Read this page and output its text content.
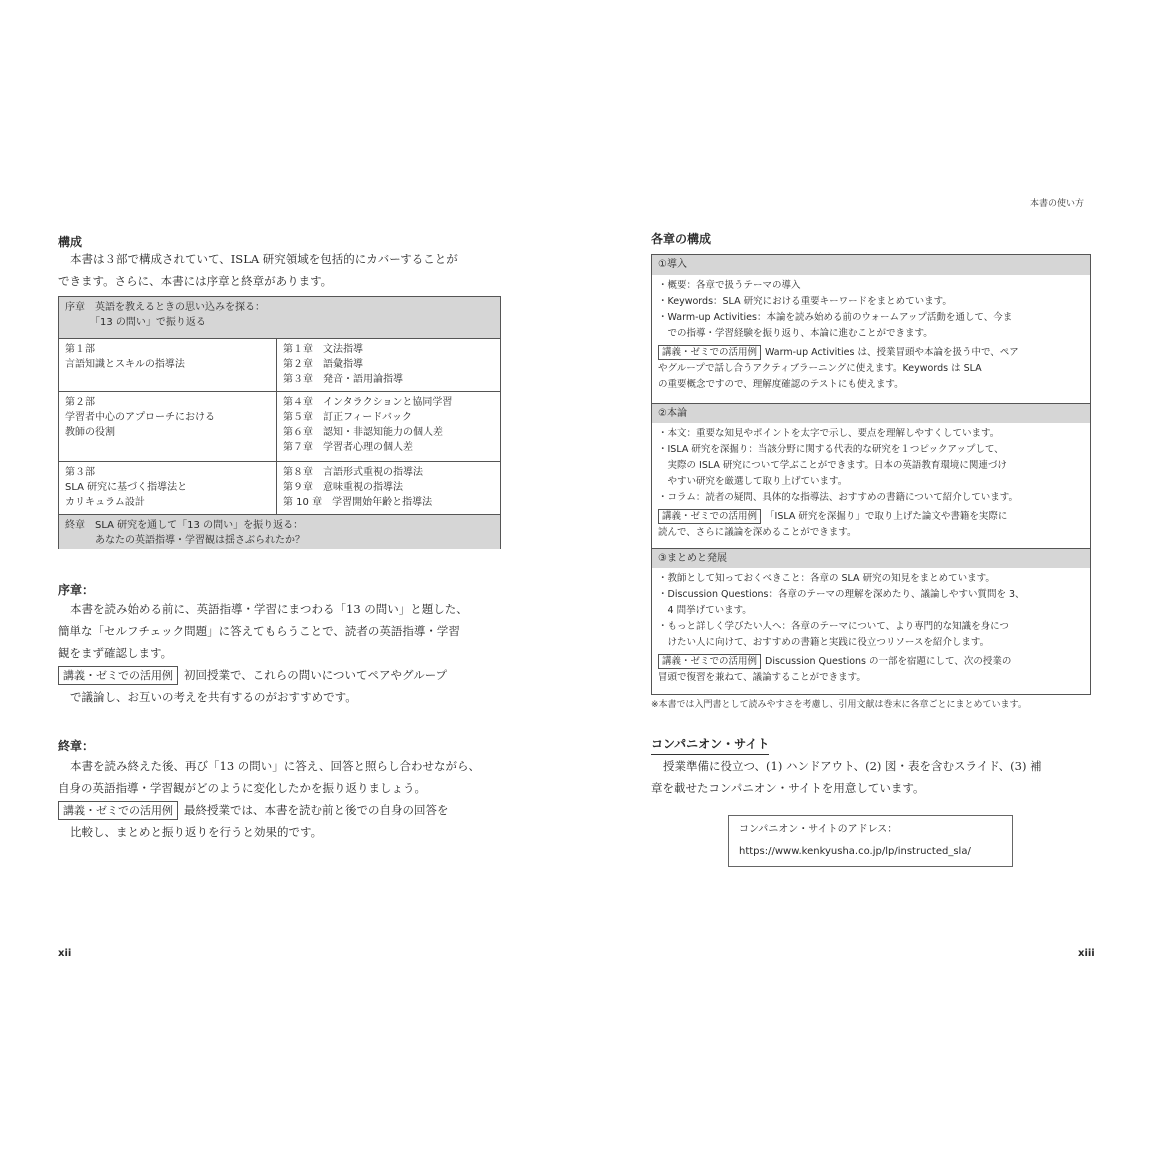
本書の使い方
xii	xiii
構成
本書は３部で構成されていて、ISLA 研究領域を包括的にカバーすることが
できます。さらに、本書には序章と終章があります。
序章　英語を教えるときの思い込みを探る：
　　　「13 の問い」で振り返る
第１部
言語知識とスキルの指導法
第１章　文法指導
第２章　語彙指導
第３章　発音・語用論指導
第２部
学習者中心のアプローチにおける
教師の役割
第４章　インタラクションと協同学習
第５章　訂正フィードバック
第６章　認知・非認知能力の個人差
第７章　学習者心理の個人差
第３部
SLA 研究に基づく指導法と
カリキュラム設計
第８章　言語形式重視の指導法
第９章　意味重視の指導法
第 10 章　学習開始年齢と指導法
終章　SLA 研究を通して「13 の問い」を振り返る：
　　　あなたの英語指導・学習観は揺さぶられたか？
序章：
本書を読み始める前に、英語指導・学習にまつわる「13 の問い」と題した、
簡単な「セルフチェック問題」に答えてもらうことで、読者の英語指導・学習
観をまず確認します。
講義・ゼミでの活用例 初回授業で、これらの問いについてペアやグループ
で議論し、お互いの考えを共有するのがおすすめです。
終章：
本書を読み終えた後、再び「13 の問い」に答え、回答と照らし合わせながら、
自身の英語指導・学習観がどのように変化したかを振り返りましょう。
講義・ゼミでの活用例 最終授業では、本書を読む前と後での自身の回答を
比較し、まとめと振り返りを行うと効果的です。
各章の構成
①導入
・概要：各章で扱うテーマの導入
・Keywords：SLA 研究における重要キーワードをまとめています。
・Warm-up Activities：本論を読み始める前のウォームアップ活動を通して、今ま
　での指導・学習経験を振り返り、本論に進むことができます。
講義・ゼミでの活用例 Warm-up Activities は、授業冒頭や本論を扱う中で、ペア
やグループで話し合うアクティブラーニングに使えます。Keywords は SLA
の重要概念ですので、理解度確認のテストにも使えます。
②本論
・本文：重要な知見やポイントを太字で示し、要点を理解しやすくしています。
・ISLA 研究を深掘り：当該分野に関する代表的な研究を１つピックアップして、
　実際の ISLA 研究について学ぶことができます。日本の英語教育環境に関連づけ
　やすい研究を厳選して取り上げています。
・コラム：読者の疑問、具体的な指導法、おすすめの書籍について紹介しています。
講義・ゼミでの活用例 「ISLA 研究を深掘り」で取り上げた論文や書籍を実際に
読んで、さらに議論を深めることができます。
③まとめと発展
・教師として知っておくべきこと：各章の SLA 研究の知見をまとめています。
・Discussion Questions：各章のテーマの理解を深めたり、議論しやすい質問を 3、
　4 問挙げています。
・もっと詳しく学びたい人へ：各章のテーマについて、より専門的な知識を身につ
　けたい人に向けて、おすすめの書籍と実践に役立つリソースを紹介します。
講義・ゼミでの活用例 Discussion Questions の一部を宿題にして、次の授業の
冒頭で復習を兼ねて、議論することができます。
※本書では入門書として読みやすさを考慮し、引用文献は巻末に各章ごとにまとめています。
コンパニオン・サイト
授業準備に役立つ、(1) ハンドアウト、(2) 図・表を含むスライド、(3) 補
章を載せたコンパニオン・サイトを用意しています。
コンパニオン・サイトのアドレス：
https://www.kenkyusha.co.jp/lp/instructed_sla/
